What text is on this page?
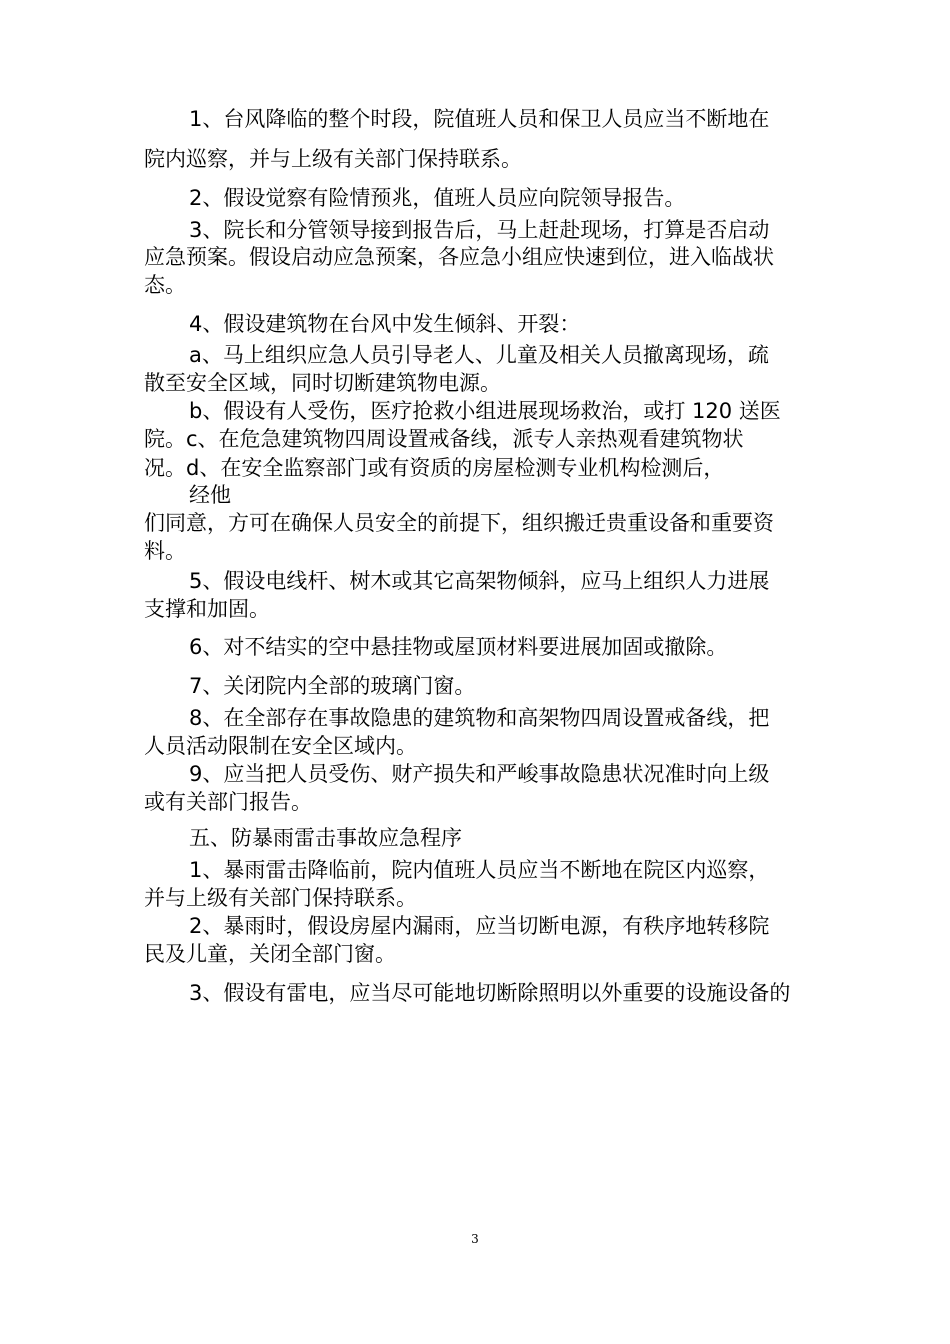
1、台风降临的整个时段，院值班人员和保卫人员应当不断地在

院内巡察，并与上级有关部门保持联系。

2、假设觉察有险情预兆，值班人员应向院领导报告。

3、院长和分管领导接到报告后，马上赶赴现场，打算是否启动

应急预案。假设启动应急预案，各应急小组应快速到位，进入临战状

态。

4、假设建筑物在台风中发生倾斜、开裂：

a、马上组织应急人员引导老人、儿童及相关人员撤离现场，疏

散至安全区域，同时切断建筑物电源。

b、假设有人受伤，医疗抢救小组进展现场救治，或打 120 送医

院。c、在危急建筑物四周设置戒备线，派专人亲热观看建筑物状

况。d、在安全监察部门或有资质的房屋检测专业机构检测后，

经他

们同意，方可在确保人员安全的前提下，组织搬迁贵重设备和重要资

料。

5、假设电线杆、树木或其它高架物倾斜，应马上组织人力进展

支撑和加固。

6、对不结实的空中悬挂物或屋顶材料要进展加固或撤除。

7、关闭院内全部的玻璃门窗。

8、在全部存在事故隐患的建筑物和高架物四周设置戒备线，把

人员活动限制在安全区域内。

9、应当把人员受伤、财产损失和严峻事故隐患状况准时向上级

或有关部门报告。

五、防暴雨雷击事故应急程序

1、暴雨雷击降临前，院内值班人员应当不断地在院区内巡察，

并与上级有关部门保持联系。

2、暴雨时，假设房屋内漏雨，应当切断电源，有秩序地转移院

民及儿童，关闭全部门窗。

3、假设有雷电，应当尽可能地切断除照明以外重要的设施设备的

3
